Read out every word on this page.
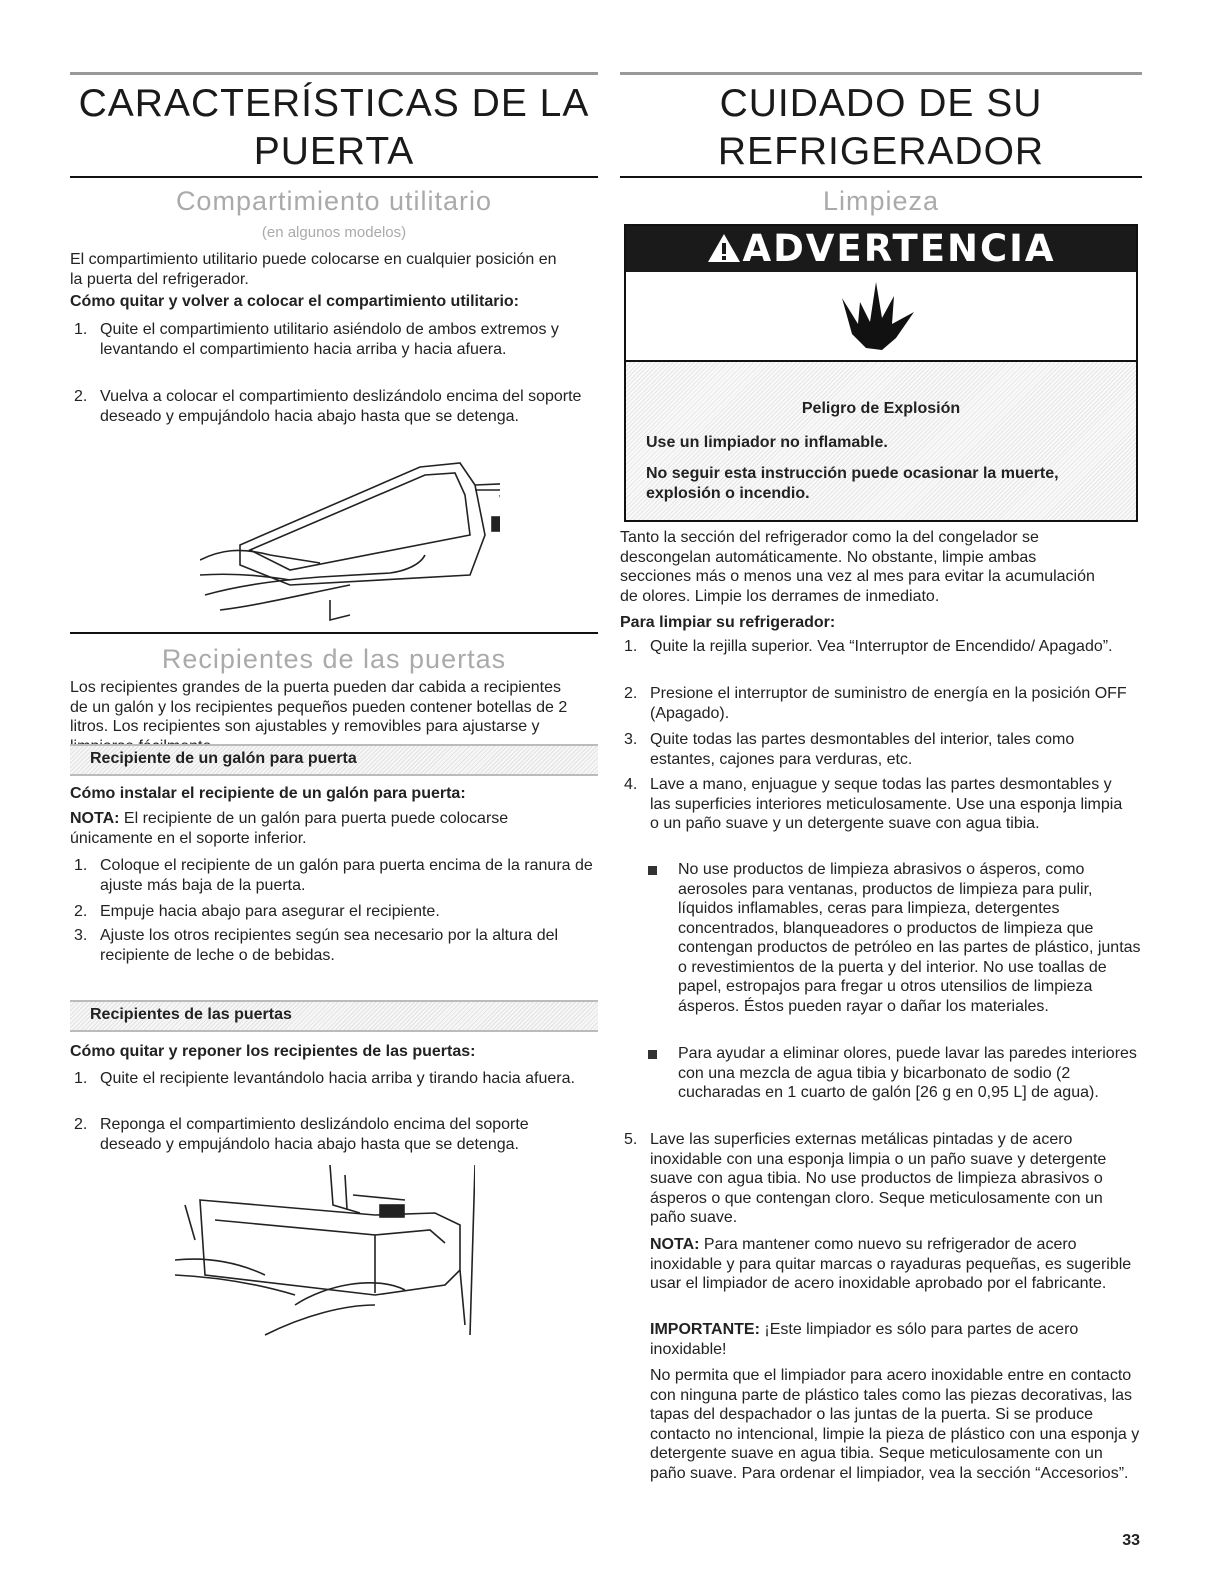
CARACTERÍSTICAS DE LA
PUERTA
Compartimiento utilitario
(en algunos modelos)

El compartimiento utilitario puede colocarse en cualquier posición en la puerta del refrigerador.

Cómo quitar y volver a colocar el compartimiento utilitario:

1. Quite el compartimiento utilitario asiéndolo de ambos extremos y levantando el compartimiento hacia arriba y hacia afuera.
2. Vuelva a colocar el compartimiento deslizándolo encima del soporte deseado y empujándolo hacia abajo hasta que se detenga.
Recipientes de las puertas

Los recipientes grandes de la puerta pueden dar cabida a recipientes de un galón y los recipientes pequeños pueden contener botellas de 2 litros. Los recipientes son ajustables y removibles para ajustarse y

Recipiente de un galón para puerta

Cómo instalar el recipiente de un galón para puerta:

NOTA: El recipiente de un galón para puerta puede colocarse únicamente en el soporte inferior.

1. Coloque el recipiente de un galón para puerta encima de la ranura de ajuste más baja de la puerta.
2. Empuje hacia abajo para asegurar el recipiente.
3. Ajuste los otros recipientes según sea necesario por la altura del recipiente de leche o de bebidas.
Recipientes de las puertas

Cómo quitar y reponer los recipientes de las puertas:

1. Quite el recipiente levantándolo hacia arriba y tirando hacia afuera.
2. Reponga el compartimiento deslizándolo encima del soporte deseado y empujándolo hacia abajo hasta que se detenga.
CUIDADO DE SU
REFRIGERADOR
Limpieza
ADVERTENCIA
Peligro de Explosión
Use un limpiador no inflamable.
No seguir esta instrucción puede ocasionar la muerte, explosión o incendio.

Tanto la sección del refrigerador como la del congelador se descongelan automáticamente. No obstante, limpie ambas secciones más o menos una vez al mes para evitar la acumulación de olores. Limpie los derrames de inmediato.

Para limpiar su refrigerador:

1. Quite la rejilla superior. Vea “Interruptor de Encendido/ Apagado”.
2. Presione el interruptor de suministro de energía en la posición OFF (Apagado).
3. Quite todas las partes desmontables del interior, tales como estantes, cajones para verduras, etc.
4. Lave a mano, enjuague y seque todas las partes desmontables y las superficies interiores meticulosamente. Use una esponja limpia o un paño suave y un detergente suave con agua tibia.

No use productos de limpieza abrasivos o ásperos, como aerosoles para ventanas, productos de limpieza para pulir, líquidos inflamables, ceras para limpieza, detergentes concentrados, blanqueadores o productos de limpieza que contengan productos de petróleo en las partes de plástico, juntas o revestimientos de la puerta y del interior. No use toallas de papel, estropajos para fregar u otros utensilios de limpieza ásperos. Éstos pueden rayar o dañar los materiales.

Para ayudar a eliminar olores, puede lavar las paredes interiores con una mezcla de agua tibia y bicarbonato de sodio (2 cucharadas en 1 cuarto de galón [26 g en 0,95 L] de agua).

5. Lave las superficies externas metálicas pintadas y de acero inoxidable con una esponja limpia o un paño suave y detergente suave con agua tibia. No use productos de limpieza abrasivos o ásperos o que contengan cloro. Seque meticulosamente con un paño suave.

NOTA: Para mantener como nuevo su refrigerador de acero inoxidable y para quitar marcas o rayaduras pequeñas, es sugerible usar el limpiador de acero inoxidable aprobado por el fabricante.

IMPORTANTE: ¡Este limpiador es sólo para partes de acero inoxidable!

No permita que el limpiador para acero inoxidable entre en contacto con ninguna parte de plástico tales como las piezas decorativas, las tapas del despachador o las juntas de la puerta. Si se produce contacto no intencional, limpie la pieza de plástico con una esponja y detergente suave en agua tibia. Seque meticulosamente con un paño suave. Para ordenar el limpiador, vea la sección “Accesorios”.

33
